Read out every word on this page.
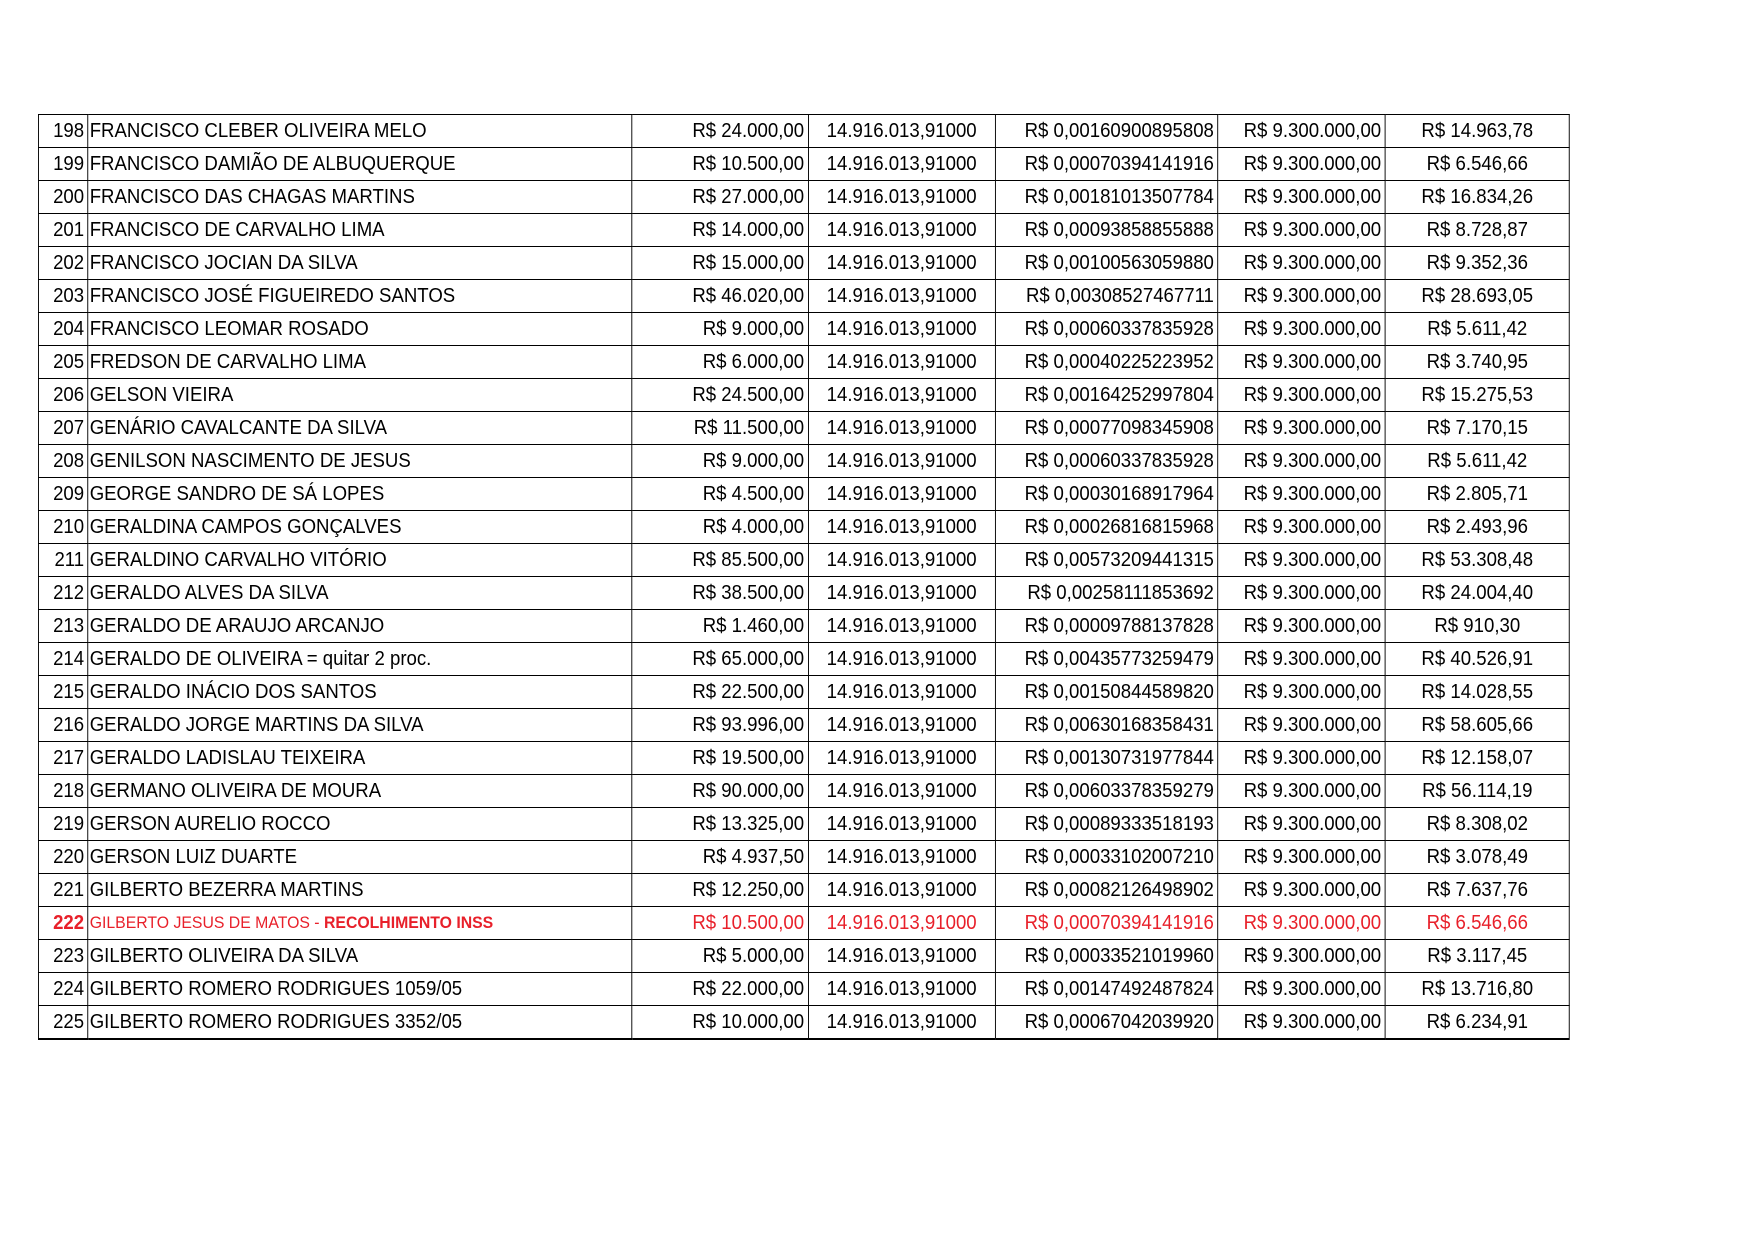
198	FRANCISCO CLEBER OLIVEIRA MELO	R$ 24.000,00	14.916.013,91000	R$ 0,00160900895808	R$ 9.300.000,00	R$ 14.963,78
199	FRANCISCO DAMIÃO DE ALBUQUERQUE	R$ 10.500,00	14.916.013,91000	R$ 0,00070394141916	R$ 9.300.000,00	R$ 6.546,66
200	FRANCISCO DAS CHAGAS MARTINS	R$ 27.000,00	14.916.013,91000	R$ 0,00181013507784	R$ 9.300.000,00	R$ 16.834,26
201	FRANCISCO DE CARVALHO LIMA	R$ 14.000,00	14.916.013,91000	R$ 0,00093858855888	R$ 9.300.000,00	R$ 8.728,87
202	FRANCISCO JOCIAN DA SILVA	R$ 15.000,00	14.916.013,91000	R$ 0,00100563059880	R$ 9.300.000,00	R$ 9.352,36
203	FRANCISCO JOSÉ FIGUEIREDO SANTOS	R$ 46.020,00	14.916.013,91000	R$ 0,00308527467711	R$ 9.300.000,00	R$ 28.693,05
204	FRANCISCO LEOMAR ROSADO	R$ 9.000,00	14.916.013,91000	R$ 0,00060337835928	R$ 9.300.000,00	R$ 5.611,42
205	FREDSON DE CARVALHO LIMA	R$ 6.000,00	14.916.013,91000	R$ 0,00040225223952	R$ 9.300.000,00	R$ 3.740,95
206	GELSON VIEIRA	R$ 24.500,00	14.916.013,91000	R$ 0,00164252997804	R$ 9.300.000,00	R$ 15.275,53
207	GENÁRIO CAVALCANTE DA SILVA	R$ 11.500,00	14.916.013,91000	R$ 0,00077098345908	R$ 9.300.000,00	R$ 7.170,15
208	GENILSON NASCIMENTO DE JESUS	R$ 9.000,00	14.916.013,91000	R$ 0,00060337835928	R$ 9.300.000,00	R$ 5.611,42
209	GEORGE SANDRO DE SÁ LOPES	R$ 4.500,00	14.916.013,91000	R$ 0,00030168917964	R$ 9.300.000,00	R$ 2.805,71
210	GERALDINA CAMPOS GONÇALVES	R$ 4.000,00	14.916.013,91000	R$ 0,00026816815968	R$ 9.300.000,00	R$ 2.493,96
211	GERALDINO CARVALHO VITÓRIO	R$ 85.500,00	14.916.013,91000	R$ 0,00573209441315	R$ 9.300.000,00	R$ 53.308,48
212	GERALDO ALVES DA SILVA	R$ 38.500,00	14.916.013,91000	R$ 0,00258111853692	R$ 9.300.000,00	R$ 24.004,40
213	GERALDO DE ARAUJO ARCANJO	R$ 1.460,00	14.916.013,91000	R$ 0,00009788137828	R$ 9.300.000,00	R$ 910,30
214	GERALDO DE OLIVEIRA = quitar 2 proc.	R$ 65.000,00	14.916.013,91000	R$ 0,00435773259479	R$ 9.300.000,00	R$ 40.526,91
215	GERALDO INÁCIO DOS SANTOS	R$ 22.500,00	14.916.013,91000	R$ 0,00150844589820	R$ 9.300.000,00	R$ 14.028,55
216	GERALDO JORGE MARTINS DA SILVA	R$ 93.996,00	14.916.013,91000	R$ 0,00630168358431	R$ 9.300.000,00	R$ 58.605,66
217	GERALDO LADISLAU TEIXEIRA	R$ 19.500,00	14.916.013,91000	R$ 0,00130731977844	R$ 9.300.000,00	R$ 12.158,07
218	GERMANO OLIVEIRA DE MOURA	R$ 90.000,00	14.916.013,91000	R$ 0,00603378359279	R$ 9.300.000,00	R$ 56.114,19
219	GERSON AURELIO ROCCO	R$ 13.325,00	14.916.013,91000	R$ 0,00089333518193	R$ 9.300.000,00	R$ 8.308,02
220	GERSON LUIZ DUARTE	R$ 4.937,50	14.916.013,91000	R$ 0,00033102007210	R$ 9.300.000,00	R$ 3.078,49
221	GILBERTO BEZERRA MARTINS	R$ 12.250,00	14.916.013,91000	R$ 0,00082126498902	R$ 9.300.000,00	R$ 7.637,76
222	GILBERTO JESUS DE MATOS - RECOLHIMENTO INSS	R$ 10.500,00	14.916.013,91000	R$ 0,00070394141916	R$ 9.300.000,00	R$ 6.546,66
223	GILBERTO OLIVEIRA DA SILVA	R$ 5.000,00	14.916.013,91000	R$ 0,00033521019960	R$ 9.300.000,00	R$ 3.117,45
224	GILBERTO ROMERO RODRIGUES 1059/05	R$ 22.000,00	14.916.013,91000	R$ 0,00147492487824	R$ 9.300.000,00	R$ 13.716,80
225	GILBERTO ROMERO RODRIGUES 3352/05	R$ 10.000,00	14.916.013,91000	R$ 0,00067042039920	R$ 9.300.000,00	R$ 6.234,91
